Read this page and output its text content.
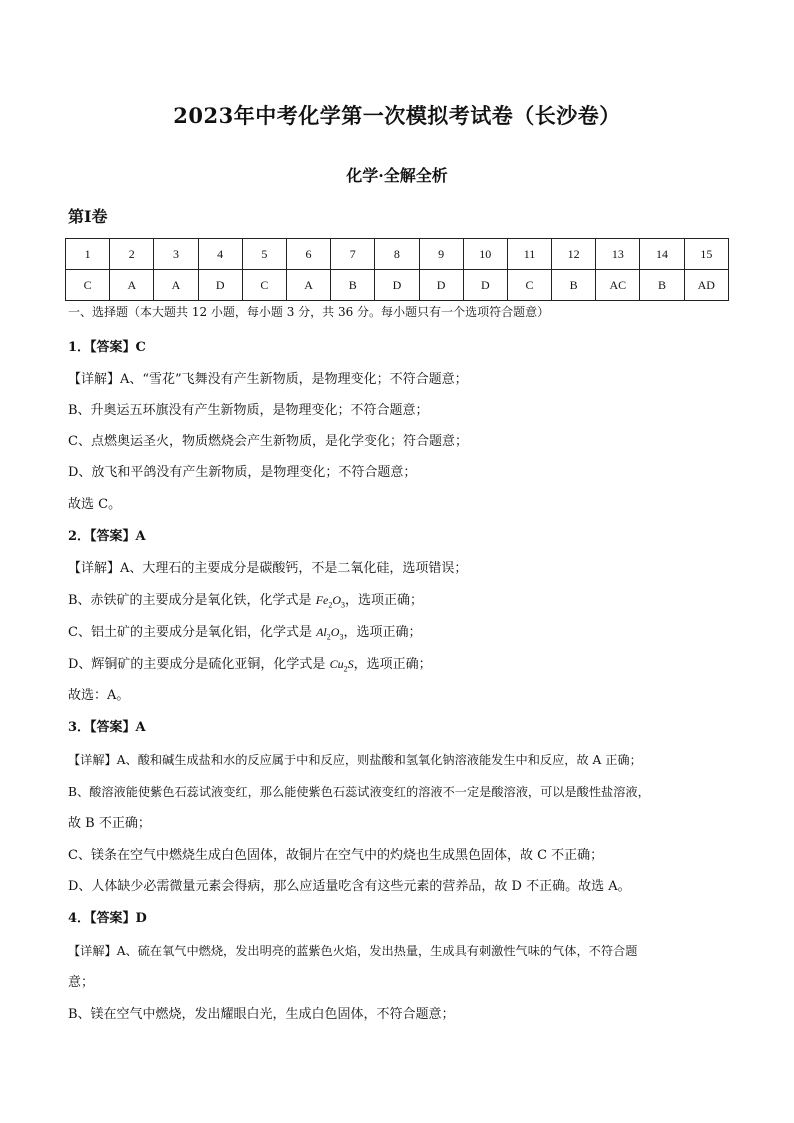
2023年中考化学第一次模拟考试卷（长沙卷）
化学·全解全析
第Ⅰ卷
1	2	3	4	5	6	7	8	9	10	11	12	13	14	15
C	A	A	D	C	A	B	D	D	D	C	B	AC	B	AD
一、选择题（本大题共 12 小题，每小题 3 分，共 36 分。每小题只有一个选项符合题意）
1．【答案】C
【详解】A、“雪花”飞舞没有产生新物质，是物理变化；不符合题意；
B、升奥运五环旗没有产生新物质，是物理变化；不符合题意；
C、点燃奥运圣火，物质燃烧会产生新物质，是化学变化；符合题意；
D、放飞和平鸽没有产生新物质，是物理变化；不符合题意；
故选 C。
2．【答案】A
【详解】A、大理石的主要成分是碳酸钙，不是二氧化硅，选项错误；
B、赤铁矿的主要成分是氧化铁，化学式是 $Fe_2O_3$，选项正确；
C、铝土矿的主要成分是氧化铝，化学式是 $Al_2O_3$，选项正确；
D、辉铜矿的主要成分是硫化亚铜，化学式是 $Cu_2S$，选项正确；
故选：A。
3．【答案】A
【详解】A、酸和碱生成盐和水的反应属于中和反应，则盐酸和氢氧化钠溶液能发生中和反应，故 A 正确；
B、酸溶液能使紫色石蕊试液变红，那么能使紫色石蕊试液变红的溶液不一定是酸溶液，可以是酸性盐溶液，
故 B 不正确；
C、镁条在空气中燃烧生成白色固体，故铜片在空气中的灼烧也生成黑色固体，故 C 不正确；
D、人体缺少必需微量元素会得病，那么应适量吃含有这些元素的营养品，故 D 不正确。故选 A。
4．【答案】D
【详解】A、硫在氧气中燃烧，发出明亮的蓝紫色火焰，发出热量，生成具有刺激性气味的气体，不符合题
意；
B、镁在空气中燃烧，发出耀眼白光，生成白色固体，不符合题意；
